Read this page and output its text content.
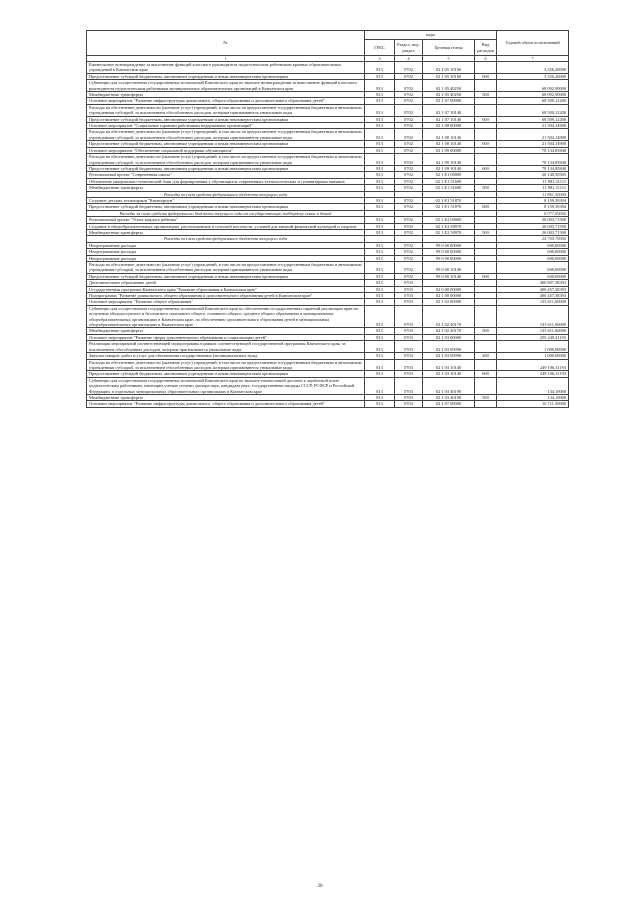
№	коды				Годовой объем ассигнований
	ГРБС	Раздел, под-раздел	Целевая статья	Вид расходов	
1	3	4	5	6	7
Ежемесячное вознаграждение за выполнение функций классного руководителя педагогическим работникам краевых образовательных учреждений в Камчатском крае	813	0702	02 1 05 10160		3 356,20000
Предоставление субсидий бюджетным, автономным учреждениям и иным некоммерческим организациям	813	0702	02 1 05 10160	600	3 356,20000
Субвенции для осуществления государственных полномочий Камчатского края по выплате вознаграждения за выполнение функций классного руководителя педагогическим работникам муниципальных образовательных организаций в Камчатском крае	813	0702	02 1 05 40250		68 092,90000
Межбюджетные трансферты	813	0702	02 1 05 40250	500	68 092,90000
Основное мероприятие "Развитие инфраструктуры дошкольного, общего образования и дополнительного образования детей"	813	0702	02 1 07 00000		68 509,12200
Расходы на обеспечение деятельности (оказание услуг) учреждений, в том числе на предоставление государственным бюджетным и автономным учреждениям субсидий, за исключением обособленных расходов, которым присваиваются уникальные коды	813	0702	02 1 07 10140		68 509,12200
Предоставление субсидий бюджетным, автономным учреждениям и иным некоммерческим организациям	813	0702	02 1 07 10140	600	68 509,12200
Основное мероприятие "Социальные гарантии работникам недержавных организаций"	813	0702	02 1 08 00000		21 504,14900
Расходы на обеспечение деятельности (оказание услуг) учреждений, в том числе на предоставление государственным бюджетным и автономным учреждениям субсидий, за исключением обособленных расходов, которым присваиваются уникальные коды	813	0702	02 1 08 10140		21 504,14900
Предоставление субсидий бюджетным, автономным учреждениям и иным некоммерческим организациям	813	0702	02 1 08 10140	600	21 504,14900
Основное мероприятие "Обеспечение социальной поддержки обучающихся"	813	0702	02 1 09 00000		78 134,85840
Расходы на обеспечение деятельности (оказание услуг) учреждений, в том числе на предоставление государственным бюджетным и автономным учреждениям субсидий, за исключением обособленных расходов, которым присваиваются уникальные коды	813	0702	02 1 09 10140		78 134,85840
Предоставление субсидий бюджетным, автономным учреждениям и иным некоммерческим организациям	813	0702	02 1 09 10140	600	78 134,85840
Региональный проект "Современная школа"	813	0702	02 1 E1 00000		20 140,50505
Обновление материально-технической базы для формирования у обучающихся современных технологических и гуманитарных навыков	813	0702	02 1 E1 51690		11 981,31111
Межбюджетные трансферты	813	0702	02 1 E1 51690	500	11 981,31111
Расходы за счет средств федерального бюджета текущего года					11 861,50000
Создание детских технопарков "Кванториум"	813	0702	02 1 E1 51870		8 159,39394
Предоставление субсидий бюджетным, автономным учреждениям и иным некоммерческим организациям	813	0702	02 1 E1 51870	600	8 159,39394
Расходы за счет средств федерального бюджета текущего года на государственную поддержку семьи и детей					8 077,80000
Региональный проект "Успех каждого ребенка"	813	0702	02 1 E2 00000		26 003,71500
Создание в общеобразовательных организациях, расположенных в сельской местности, условий для занятий физической культурой и спортом	813	0702	02 1 E2 50970		26 003,71500
Межбюджетные трансферты	813	0702	02 1 E2 50970	500	26 003,71500
Расходы за счет средств федерального бюджета текущего года					24 700,70000
Непрограммные расходы	813	0702	99 0 00 00000		600,00000
Непрограммные расходы	813	0702	99 0 00 00000		600,00000
Непрограммные расходы	813	0702	99 0 00 00000		600,00000
Расходы на обеспечение деятельности (оказание услуг) учреждений, в том числе на предоставление государственным бюджетным и автономным учреждениям субсидий, за исключением обособленных расходов, которым присваиваются уникальные коды	813	0702	99 0 00 10140		600,00000
Предоставление субсидий бюджетным, автономным учреждениям и иным некоммерческим организациям	813	0702	99 0 00 10140	600	600,00000
Дополнительное образование детей	813	0703			400 807,38393
Государственная программа Камчатского края "Развитие образования в Камчатском крае"	813	0703	02 0 00 00000		400 457,38393
Подпрограмма "Развитие дошкольного, общего образования и дополнительного образования детей в Камчатском крае"	813	0703	02 1 00 00000		400 457,38393
Основное мероприятие "Развитие общего образования"	813	0703	02 1 02 00000		133 611,60000
Субвенции для осуществления государственных полномочий Камчатского края по обеспечению государственных гарантий реализации прав на получение общедоступного и бесплатного начального общего, основного общего, среднего общего образования в муниципальных общеобразовательных организациях в Камчатском крае, по обеспечению дополнительного образования детей в муниципальных общеобразовательных организациях в Камчатском крае	813	0703	02 1 02 40170		133 611,60000
Межбюджетные трансферты	813	0703	02 1 02 40170	500	133 611,60000
Основное мероприятие "Развитие сферы дополнительного образования и социализации детей"	813	0703	02 1 03 00000		250 240,41193
Реализация мероприятий соответствующей подпрограммы в рамках соответствующей государственной программы Камчатского края, за исключением обособленных расходов, которым присваиваются уникальные коды	813	0703	02 1 03 09990		1 000,00000
Закупка товаров, работ и услуг для обеспечения государственных (муниципальных) нужд	813	0703	02 1 03 09990	200	1 000,00000
Расходы на обеспечение деятельности (оказание услуг) учреждений, в том числе на предоставление государственным бюджетным и автономным учреждениям субсидий, за исключением обособленных расходов, которым присваиваются уникальные коды	813	0703	02 1 03 10140		249 106,31193
Предоставление субсидий бюджетным, автономным учреждениям и иным некоммерческим организациям	813	0703	02 1 03 10140	600	249 106,31193
Субвенции для осуществления государственных полномочий Камчатского края по выплате ежемесячной доплаты к заработной плате педагогическим работникам, имеющим ученые степени доктора наук, кандидата наук, государственные награды СССР, РСФСР и Российской Федерации, в отдельных муниципальных образовательных организациях в Камчатском крае	813	0703	02 1 03 40190		134,10000
Межбюджетные трансферты	813	0703	02 1 03 40190	500	134,10000
Основное мероприятие "Развитие инфраструктуры дошкольного, общего образования и дополнительного образования детей"	813	0703	02 1 07 00000		16 711,30000
20
